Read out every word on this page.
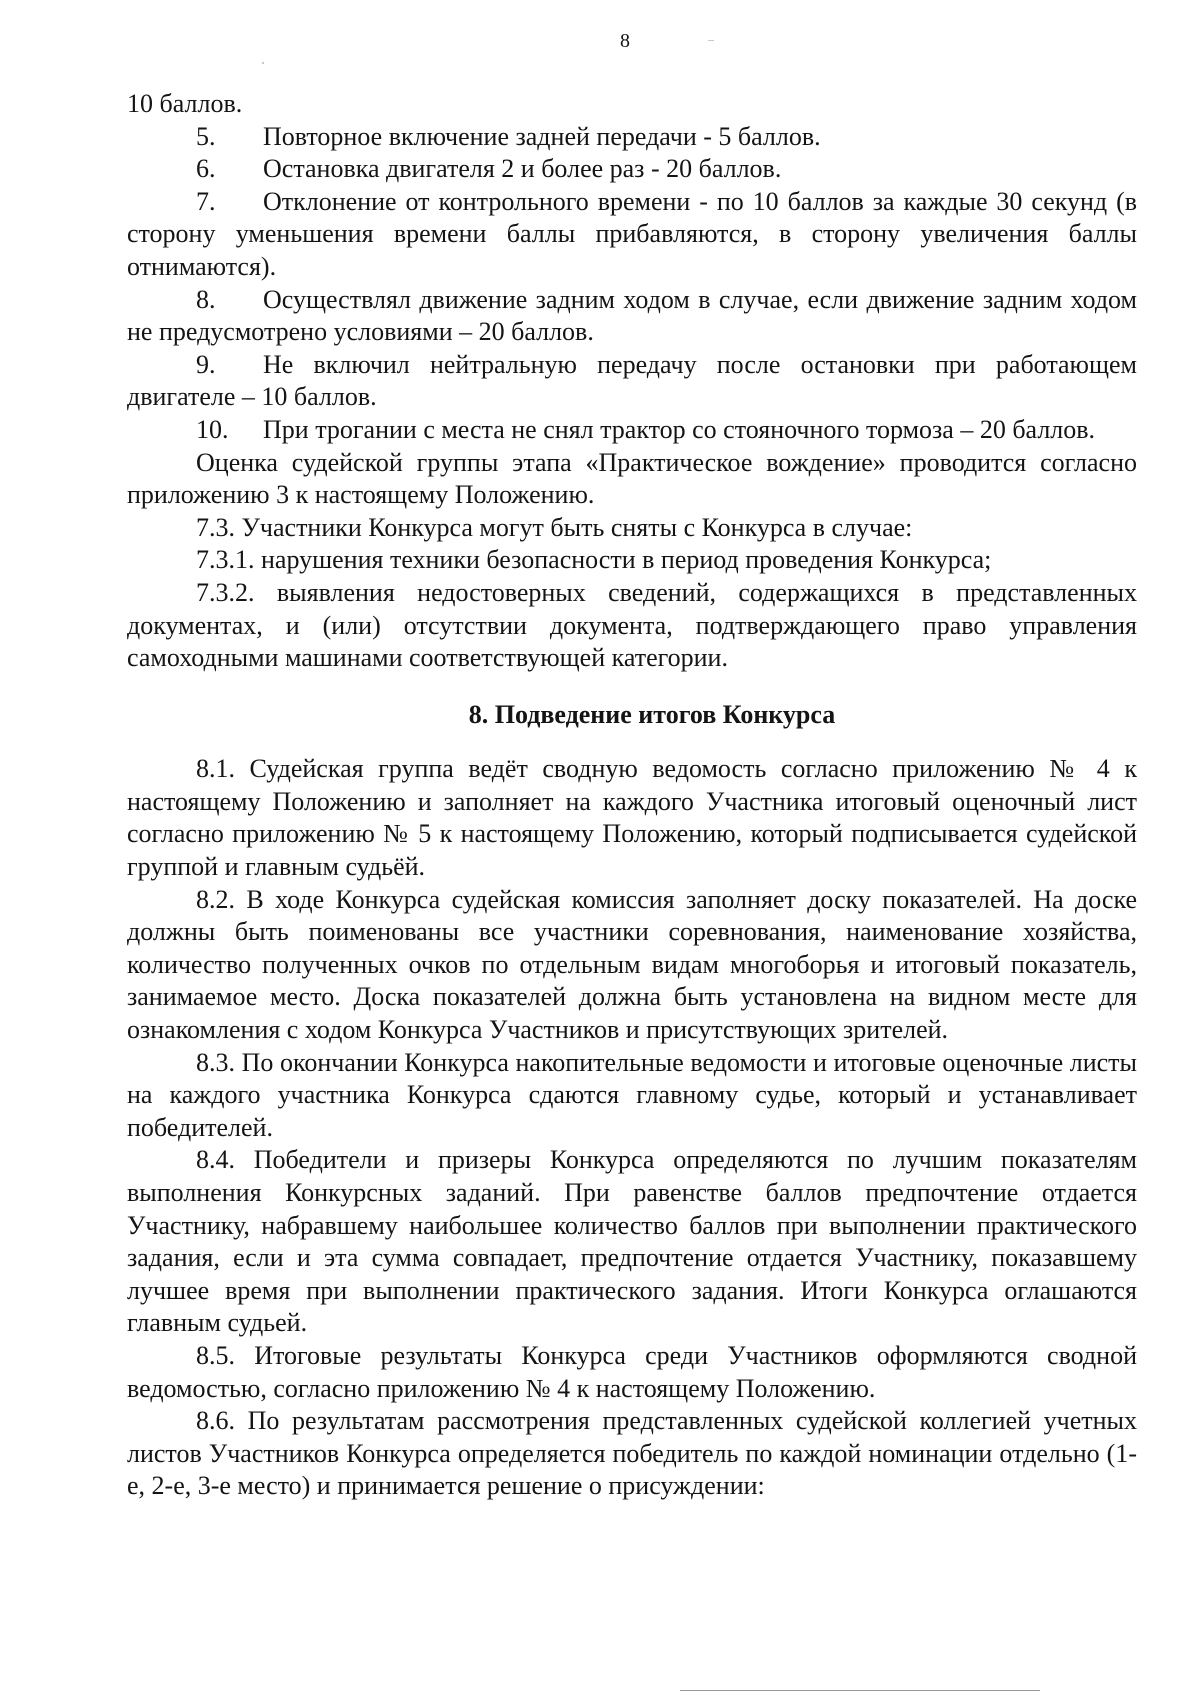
8

10 баллов.

5. Повторное включение задней передачи - 5 баллов.

6. Остановка двигателя 2 и более раз - 20 баллов.

7. Отклонение от контрольного времени - по 10 баллов за каждые 30 секунд (в сторону уменьшения времени баллы прибавляются, в сторону увеличения баллы отнимаются).

8. Осуществлял движение задним ходом в случае, если движение задним ходом не предусмотрено условиями – 20 баллов.

9. Не включил нейтральную передачу после остановки при работающем двигателе – 10 баллов.

10. При трогании с места не снял трактор со стояночного тормоза – 20 баллов.

Оценка судейской группы этапа «Практическое вождение» проводится согласно приложению 3 к настоящему Положению.

7.3. Участники Конкурса могут быть сняты с Конкурса в случае:

7.3.1. нарушения техники безопасности в период проведения Конкурса;

7.3.2. выявления недостоверных сведений, содержащихся в представленных документах, и (или) отсутствии документа, подтверждающего право управления самоходными машинами соответствующей категории.

8. Подведение итогов Конкурса

8.1. Судейская группа ведёт сводную ведомость согласно приложению № 4 к настоящему Положению и заполняет на каждого Участника итоговый оценочный лист согласно приложению № 5 к настоящему Положению, который подписывается судейской группой и главным судьёй.

8.2. В ходе Конкурса судейская комиссия заполняет доску показателей. На доске должны быть поименованы все участники соревнования, наименование хозяйства, количество полученных очков по отдельным видам многоборья и итоговый показатель, занимаемое место. Доска показателей должна быть установлена на видном месте для ознакомления с ходом Конкурса Участников и присутствующих зрителей.

8.3. По окончании Конкурса накопительные ведомости и итоговые оценочные листы на каждого участника Конкурса сдаются главному судье, который и устанавливает победителей.

8.4. Победители и призеры Конкурса определяются по лучшим показателям выполнения Конкурсных заданий. При равенстве баллов предпочтение отдается Участнику, набравшему наибольшее количество баллов при выполнении практического задания, если и эта сумма совпадает, предпочтение отдается Участнику, показавшему лучшее время при выполнении практического задания. Итоги Конкурса оглашаются главным судьей.

8.5. Итоговые результаты Конкурса среди Участников оформляются сводной ведомостью, согласно приложению № 4 к настоящему Положению.

8.6. По результатам рассмотрения представленных судейской коллегией учетных листов Участников Конкурса определяется победитель по каждой номинации отдельно (1-е, 2-е, 3-е место) и принимается решение о присуждении:
